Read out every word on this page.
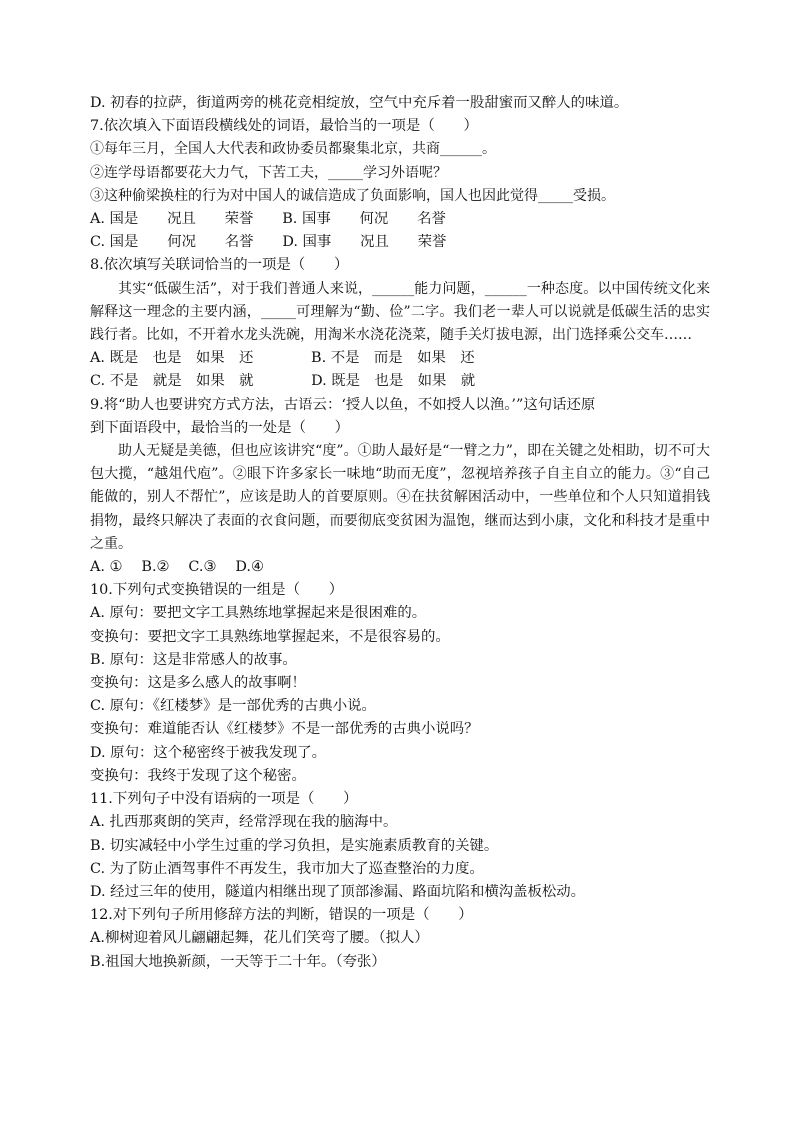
D. 初春的拉萨，街道两旁的桃花竞相绽放，空气中充斥着一股甜蜜而又醉人的味道。
7.依次填入下面语段横线处的词语，最恰当的一项是（　　）
①每年三月，全国人大代表和政协委员都聚集北京，共商______。
②连学母语都要花大力气，下苦工夫，_____学习外语呢？
③这种偷梁换柱的行为对中国人的诚信造成了负面影响，国人也因此觉得_____受损。
A. 国是　　况且　　荣誉　　B. 国事　　何况　　名誉
C. 国是　　何况　　名誉　　D. 国事　　况且　　荣誉
8.依次填写关联词恰当的一项是（　　）
其实“低碳生活”，对于我们普通人来说，______能力问题，______一种态度。以中国传统文化来解释这一理念的主要内涵，_____可理解为“勤、俭”二字。我们老一辈人可以说就是低碳生活的忠实践行者。比如，不开着水龙头洗碗，用淘米水浇花浇菜，随手关灯拔电源，出门选择乘公交车……
A. 既是　也是　如果　还　　　　B. 不是　而是　如果　还
C. 不是　就是　如果　就　　　　D. 既是　也是　如果　就
9.将“助人也要讲究方式方法，古语云：‘授人以鱼，不如授人以渔。’”这句话还原
到下面语段中，最恰当的一处是（　　）
助人无疑是美德，但也应该讲究“度”。①助人最好是“一臂之力”，即在关键之处相助，切不可大包大揽，“越俎代庖”。②眼下许多家长一味地“助而无度”，忽视培养孩子自主自立的能力。③“自己能做的，别人不帮忙”，应该是助人的首要原则。④在扶贫解困活动中，一些单位和个人只知道捐钱捐物，最终只解决了表面的衣食问题，而要彻底变贫困为温饱，继而达到小康，文化和科技才是重中之重。
A. ①　 B.②　 C.③　 D.④
10.下列句式变换错误的一组是（　　）
A. 原句：要把文字工具熟练地掌握起来是很困难的。
变换句：要把文字工具熟练地掌握起来，不是很容易的。
B. 原句：这是非常感人的故事。
变换句：这是多么感人的故事啊！
C. 原句：《红楼梦》是一部优秀的古典小说。
变换句：难道能否认《红楼梦》不是一部优秀的古典小说吗？
D. 原句：这个秘密终于被我发现了。
变换句：我终于发现了这个秘密。
11.下列句子中没有语病的一项是（　　）
A. 扎西那爽朗的笑声，经常浮现在我的脑海中。
B. 切实减轻中小学生过重的学习负担，是实施素质教育的关键。
C. 为了防止酒驾事件不再发生，我市加大了巡查整治的力度。
D. 经过三年的使用，隧道内相继出现了顶部渗漏、路面坑陷和横沟盖板松动。
12.对下列句子所用修辞方法的判断，错误的一项是（　　）
A.柳树迎着风儿翩翩起舞，花儿们笑弯了腰。（拟人）
B.祖国大地换新颜，一天等于二十年。（夸张）
